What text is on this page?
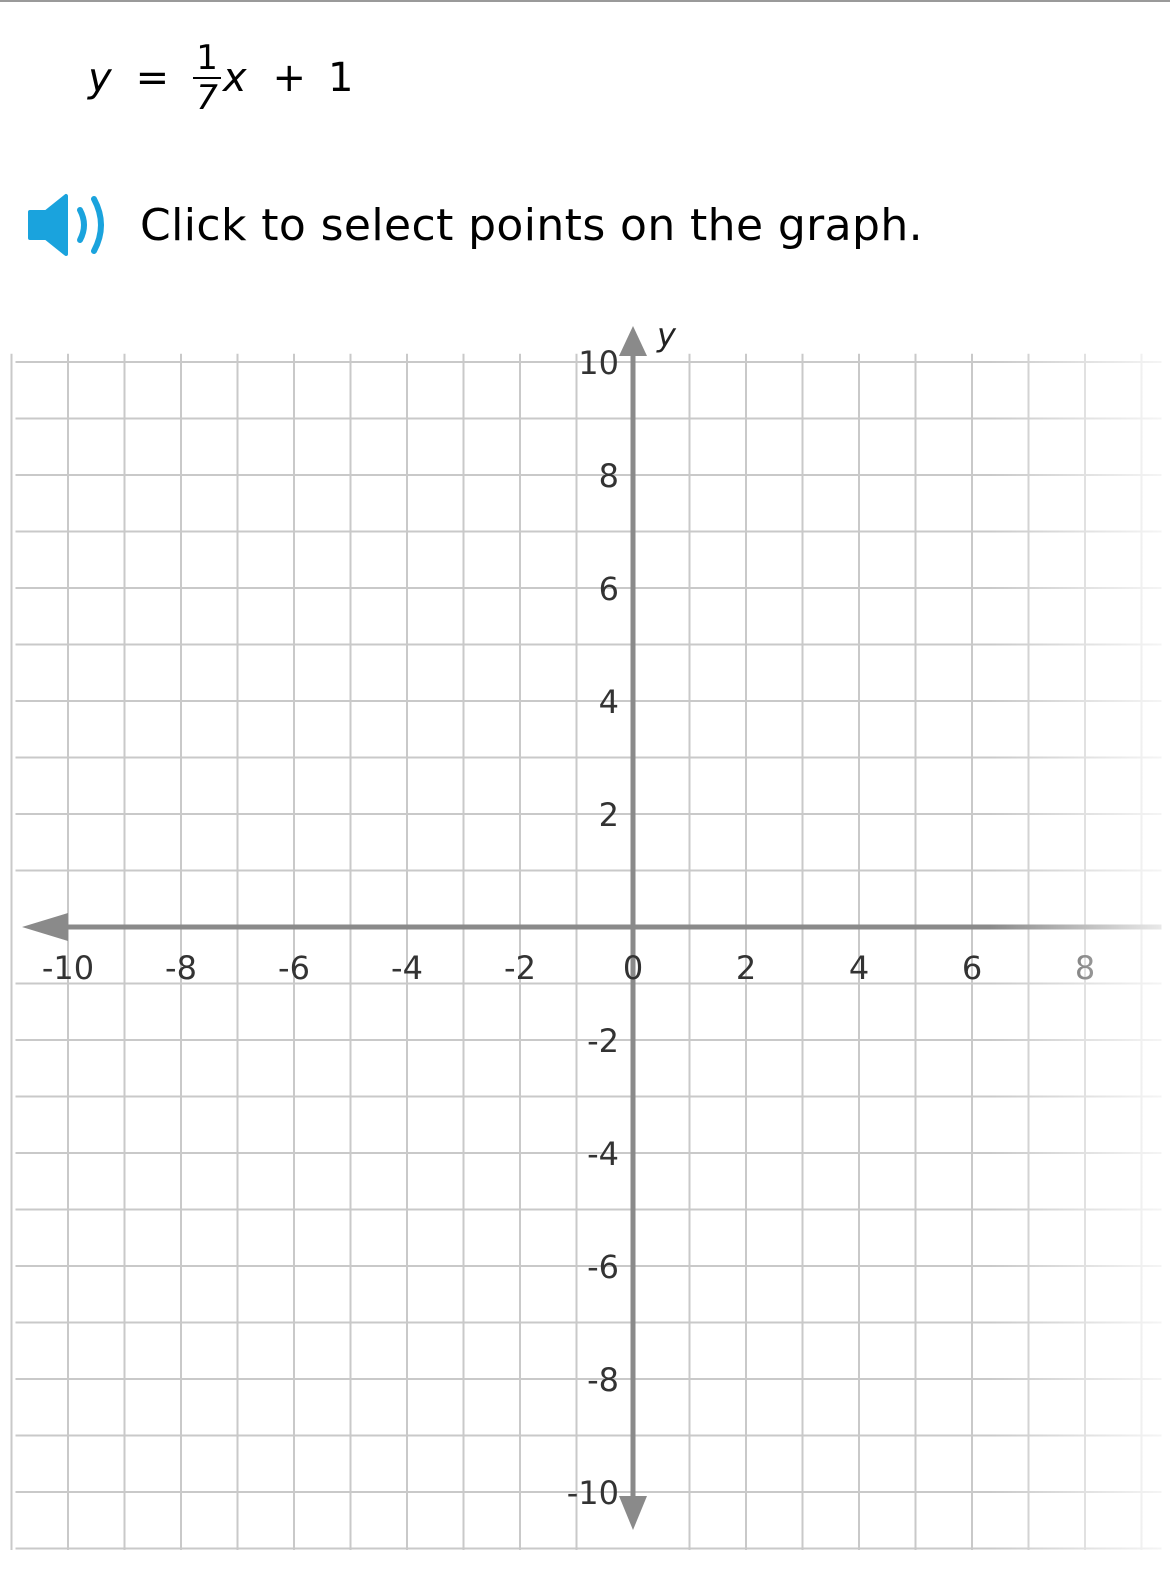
$y = \frac{1}{7}$ x + 1
Click to select points on the graph.
-10 -8	-6	-4	-2	0	2	4	6
10
8
6
4
2
-2
-4
-6
-8
-10
y
